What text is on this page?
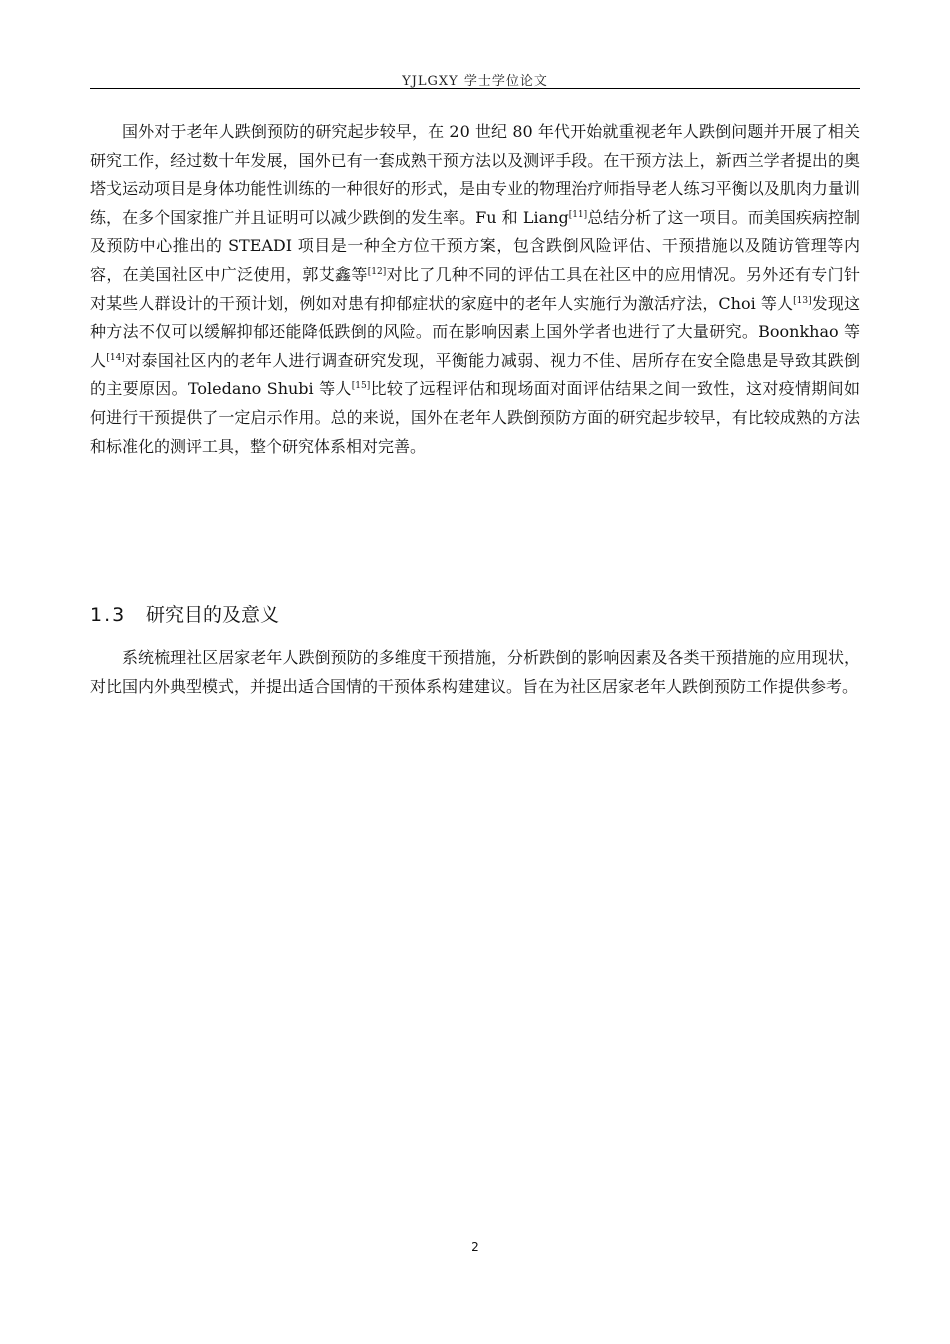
YJLGXY 学士学位论文

国外对于老年人跌倒预防的研究起步较早，在 20 世纪 80 年代开始就重视老年人跌倒问题并开展了相关研究工作，经过数十年发展，国外已有一套成熟干预方法以及测评手段。在干预方法上，新西兰学者提出的奥塔戈运动项目是身体功能性训练的一种很好的形式，是由专业的物理治疗师指导老人练习平衡以及肌肉力量训练，在多个国家推广并且证明可以减少跌倒的发生率。Fu 和 Liang[11]总结分析了这一项目。而美国疾病控制及预防中心推出的 STEADI 项目是一种全方位干预方案，包含跌倒风险评估、干预措施以及随访管理等内容，在美国社区中广泛使用，郭艾鑫等[12]对比了几种不同的评估工具在社区中的应用情况。另外还有专门针对某些人群设计的干预计划，例如对患有抑郁症状的家庭中的老年人实施行为激活疗法，Choi 等人[13]发现这种方法不仅可以缓解抑郁还能降低跌倒的风险。而在影响因素上国外学者也进行了大量研究。Boonkhao 等人[14]对泰国社区内的老年人进行调查研究发现，平衡能力减弱、视力不佳、居所存在安全隐患是导致其跌倒的主要原因。Toledano Shubi 等人[15]比较了远程评估和现场面对面评估结果之间一致性，这对疫情期间如何进行干预提供了一定启示作用。总的来说，国外在老年人跌倒预防方面的研究起步较早，有比较成熟的方法和标准化的测评工具，整个研究体系相对完善。

1.3 研究目的及意义

系统梳理社区居家老年人跌倒预防的多维度干预措施，分析跌倒的影响因素及各类干预措施的应用现状，对比国内外典型模式，并提出适合国情的干预体系构建建议。旨在为社区居家老年人跌倒预防工作提供参考。

2
